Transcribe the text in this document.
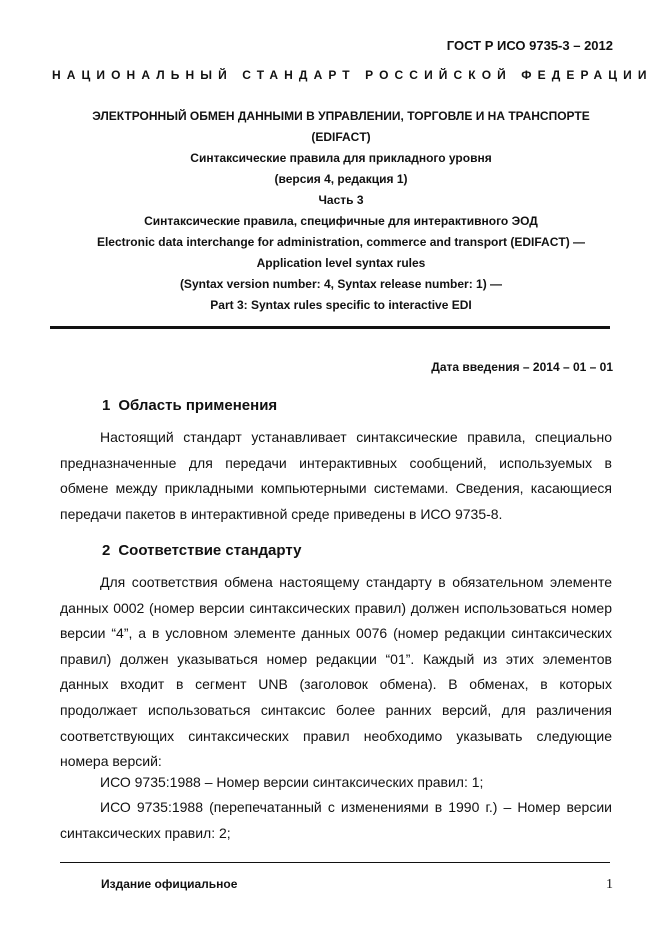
ГОСТ Р ИСО 9735-3 – 2012
НАЦИОНАЛЬНЫЙ СТАНДАРТ РОССИЙСКОЙ ФЕДЕРАЦИИ
ЭЛЕКТРОННЫЙ ОБМЕН ДАННЫМИ В УПРАВЛЕНИИ, ТОРГОВЛЕ И НА ТРАНСПОРТЕ
(EDIFACT)
Синтаксические правила для прикладного уровня
(версия 4, редакция 1)
Часть 3
Синтаксические правила, специфичные для интерактивного ЭОД
Electronic data interchange for administration, commerce and transport (EDIFACT) —
Application level syntax rules
(Syntax version number: 4, Syntax release number: 1) —
Part 3: Syntax rules specific to interactive EDI
Дата введения – 2014 – 01 – 01
1 Область применения
Настоящий стандарт устанавливает синтаксические правила, специально предназначенные для передачи интерактивных сообщений, используемых в обмене между прикладными компьютерными системами. Сведения, касающиеся передачи пакетов в интерактивной среде приведены в ИСО 9735-8.
2 Соответствие стандарту
Для соответствия обмена настоящему стандарту в обязательном элементе данных 0002 (номер версии синтаксических правил) должен использоваться номер версии “4”, а в условном элементе данных 0076 (номер редакции синтаксических правил) должен указываться номер редакции “01”. Каждый из этих элементов данных входит в сегмент UNB (заголовок обмена). В обменах, в которых продолжает использоваться синтаксис более ранних версий, для различения соответствующих синтаксических правил необходимо указывать следующие номера версий:
ИСО 9735:1988 – Номер версии синтаксических правил: 1;
ИСО 9735:1988 (перепечатанный с изменениями в 1990 г.) – Номер версии синтаксических правил: 2;
Издание официальное	1
